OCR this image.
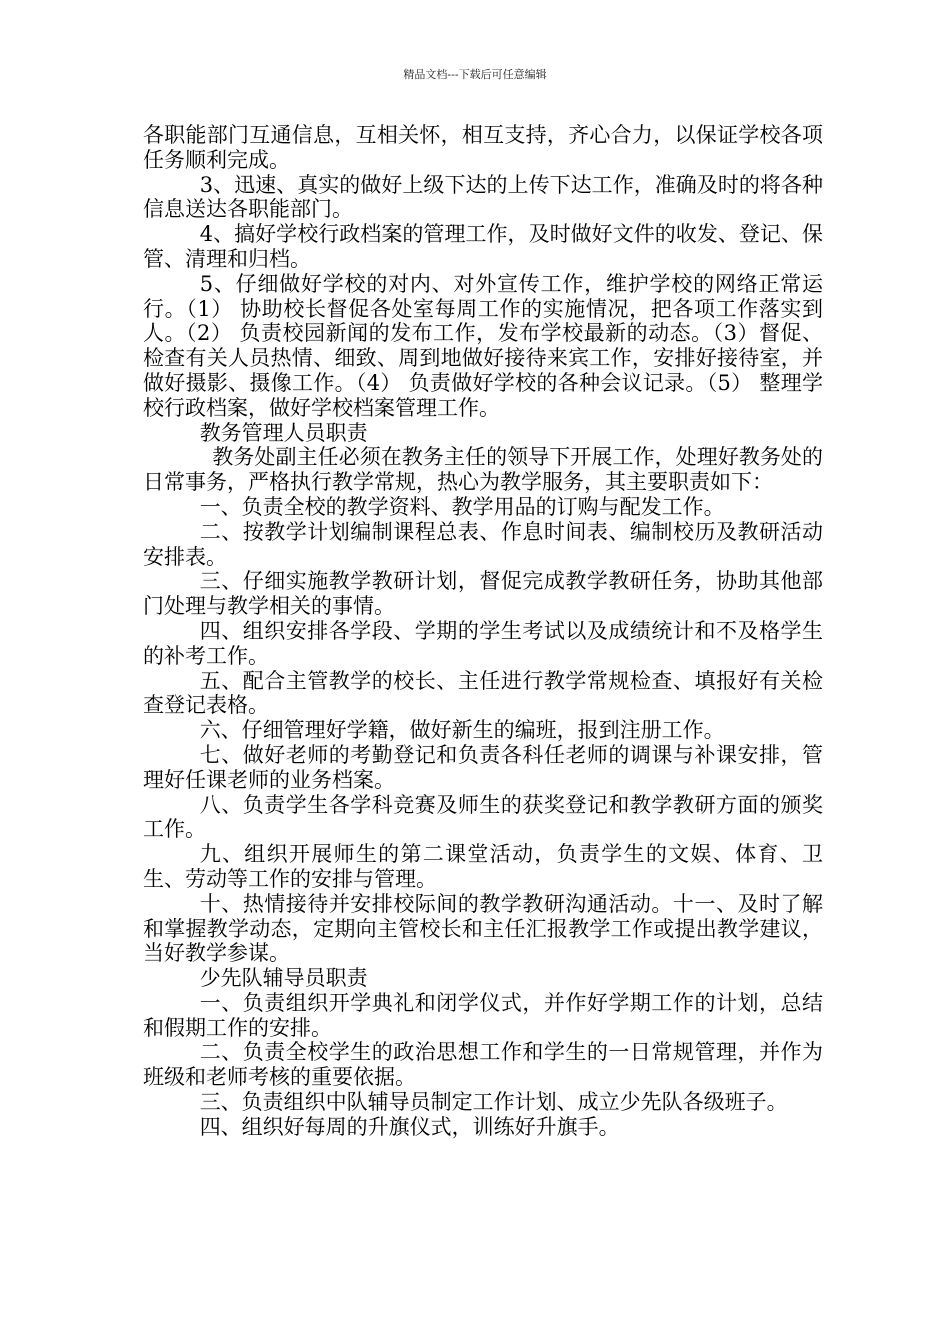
精品文档---下载后可任意编辑

各职能部门互通信息，互相关怀，相互支持，齐心合力，以保证学校各项任务顺利完成。

3、迅速、真实的做好上级下达的上传下达工作，准确及时的将各种信息送达各职能部门。

4、搞好学校行政档案的管理工作，及时做好文件的收发、登记、保管、清理和归档。

5、仔细做好学校的对内、对外宣传工作，维护学校的网络正常运行。（1） 协助校长督促各处室每周工作的实施情况，把各项工作落实到人。（2） 负责校园新闻的发布工作，发布学校最新的动态。（3）督促、检查有关人员热情、细致、周到地做好接待来宾工作，安排好接待室，并做好摄影、摄像工作。（4） 负责做好学校的各种会议记录。（5） 整理学校行政档案，做好学校档案管理工作。

教务管理人员职责

教务处副主任必须在教务主任的领导下开展工作，处理好教务处的日常事务，严格执行教学常规，热心为教学服务，其主要职责如下：

一、负责全校的教学资料、教学用品的订购与配发工作。

二、按教学计划编制课程总表、作息时间表、编制校历及教研活动安排表。

三、仔细实施教学教研计划，督促完成教学教研任务，协助其他部门处理与教学相关的事情。

四、组织安排各学段、学期的学生考试以及成绩统计和不及格学生的补考工作。

五、配合主管教学的校长、主任进行教学常规检查、填报好有关检查登记表格。

六、仔细管理好学籍，做好新生的编班，报到注册工作。

七、做好老师的考勤登记和负责各科任老师的调课与补课安排，管理好任课老师的业务档案。

八、负责学生各学科竞赛及师生的获奖登记和教学教研方面的颁奖工作。

九、组织开展师生的第二课堂活动，负责学生的文娱、体育、卫生、劳动等工作的安排与管理。

十、热情接待并安排校际间的教学教研沟通活动。十一、及时了解和掌握教学动态，定期向主管校长和主任汇报教学工作或提出教学建议，当好教学参谋。

少先队辅导员职责

一、负责组织开学典礼和闭学仪式，并作好学期工作的计划，总结和假期工作的安排。

二、负责全校学生的政治思想工作和学生的一日常规管理，并作为班级和老师考核的重要依据。

三、负责组织中队辅导员制定工作计划、成立少先队各级班子。

四、组织好每周的升旗仪式，训练好升旗手。
